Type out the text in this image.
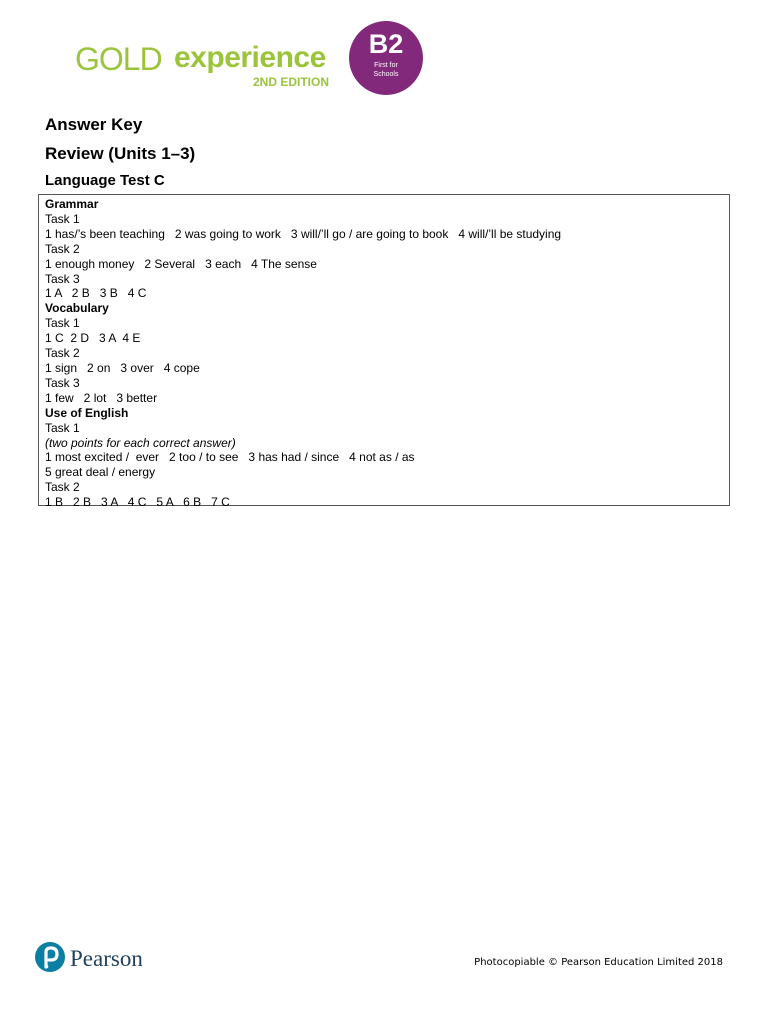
GOLD experience
2ND EDITION
B2
First for
Schools
Answer Key
Review (Units 1–3)
Language Test C
Grammar
Task 1
1 has/’s been teaching   2 was going to work   3 will/’ll go / are going to book   4 will/’ll be studying
Task 2
1 enough money   2 Several   3 each   4 The sense
Task 3
1 A   2 B   3 B   4 C
Vocabulary
Task 1
1 C  2 D   3 A  4 E
Task 2
1 sign   2 on   3 over   4 cope
Task 3
1 few   2 lot   3 better
Use of English
Task 1
(two points for each correct answer)
1 most excited /  ever   2 too / to see   3 has had / since   4 not as / as
5 great deal / energy
Task 2
1 B   2 B   3 A   4 C   5 A   6 B   7 C
Pearson	Photocopiable © Pearson Education Limited 2018
